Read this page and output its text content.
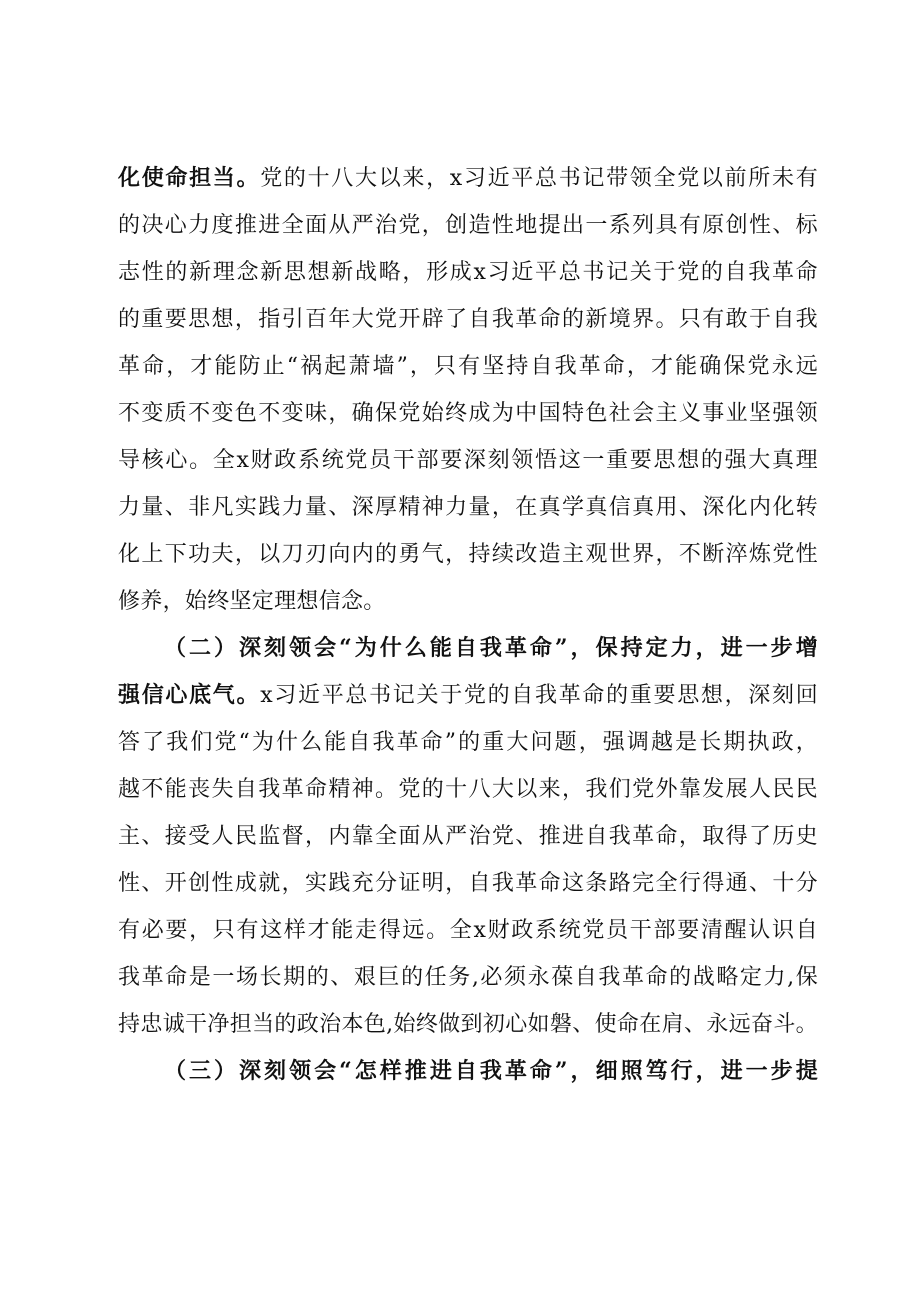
化使命担当。党的十八大以来，x习近平总书记带领全党以前所未有
的决心力度推进全面从严治党，创造性地提出一系列具有原创性、标
志性的新理念新思想新战略，形成x习近平总书记关于党的自我革命
的重要思想，指引百年大党开辟了自我革命的新境界。只有敢于自我
革命，才能防止“祸起萧墙”，只有坚持自我革命，才能确保党永远
不变质不变色不变味，确保党始终成为中国特色社会主义事业坚强领
导核心。全x财政系统党员干部要深刻领悟这一重要思想的强大真理
力量、非凡实践力量、深厚精神力量，在真学真信真用、深化内化转
化上下功夫，以刀刃向内的勇气，持续改造主观世界，不断淬炼党性
修养，始终坚定理想信念。
（二）深刻领会“为什么能自我革命”，保持定力，进一步增
强信心底气。x习近平总书记关于党的自我革命的重要思想，深刻回
答了我们党“为什么能自我革命”的重大问题，强调越是长期执政，
越不能丧失自我革命精神。党的十八大以来，我们党外靠发展人民民
主、接受人民监督，内靠全面从严治党、推进自我革命，取得了历史
性、开创性成就，实践充分证明，自我革命这条路完全行得通、十分
有必要，只有这样才能走得远。全x财政系统党员干部要清醒认识自
我革命是一场长期的、艰巨的任务,必须永葆自我革命的战略定力,保
持忠诚干净担当的政治本色,始终做到初心如磐、使命在肩、永远奋斗。
（三）深刻领会“怎样推进自我革命”，细照笃行，进一步提
